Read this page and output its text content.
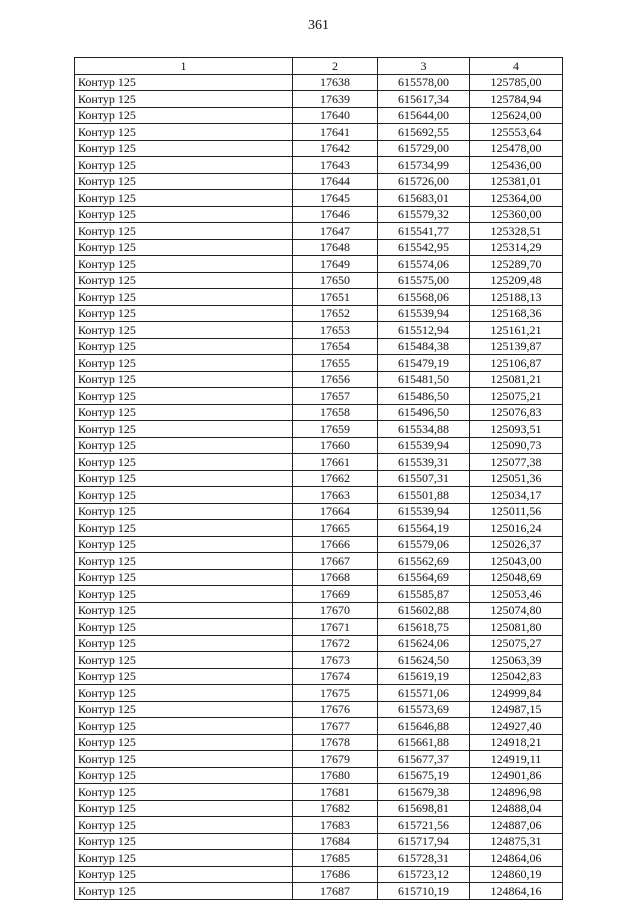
361
1	2	3	4
Контур 125	17638	615578,00	125785,00
Контур 125	17639	615617,34	125784,94
Контур 125	17640	615644,00	125624,00
Контур 125	17641	615692,55	125553,64
Контур 125	17642	615729,00	125478,00
Контур 125	17643	615734,99	125436,00
Контур 125	17644	615726,00	125381,01
Контур 125	17645	615683,01	125364,00
Контур 125	17646	615579,32	125360,00
Контур 125	17647	615541,77	125328,51
Контур 125	17648	615542,95	125314,29
Контур 125	17649	615574,06	125289,70
Контур 125	17650	615575,00	125209,48
Контур 125	17651	615568,06	125188,13
Контур 125	17652	615539,94	125168,36
Контур 125	17653	615512,94	125161,21
Контур 125	17654	615484,38	125139,87
Контур 125	17655	615479,19	125106,87
Контур 125	17656	615481,50	125081,21
Контур 125	17657	615486,50	125075,21
Контур 125	17658	615496,50	125076,83
Контур 125	17659	615534,88	125093,51
Контур 125	17660	615539,94	125090,73
Контур 125	17661	615539,31	125077,38
Контур 125	17662	615507,31	125051,36
Контур 125	17663	615501,88	125034,17
Контур 125	17664	615539,94	125011,56
Контур 125	17665	615564,19	125016,24
Контур 125	17666	615579,06	125026,37
Контур 125	17667	615562,69	125043,00
Контур 125	17668	615564,69	125048,69
Контур 125	17669	615585,87	125053,46
Контур 125	17670	615602,88	125074,80
Контур 125	17671	615618,75	125081,80
Контур 125	17672	615624,06	125075,27
Контур 125	17673	615624,50	125063,39
Контур 125	17674	615619,19	125042,83
Контур 125	17675	615571,06	124999,84
Контур 125	17676	615573,69	124987,15
Контур 125	17677	615646,88	124927,40
Контур 125	17678	615661,88	124918,21
Контур 125	17679	615677,37	124919,11
Контур 125	17680	615675,19	124901,86
Контур 125	17681	615679,38	124896,98
Контур 125	17682	615698,81	124888,04
Контур 125	17683	615721,56	124887,06
Контур 125	17684	615717,94	124875,31
Контур 125	17685	615728,31	124864,06
Контур 125	17686	615723,12	124860,19
Контур 125	17687	615710,19	124864,16
